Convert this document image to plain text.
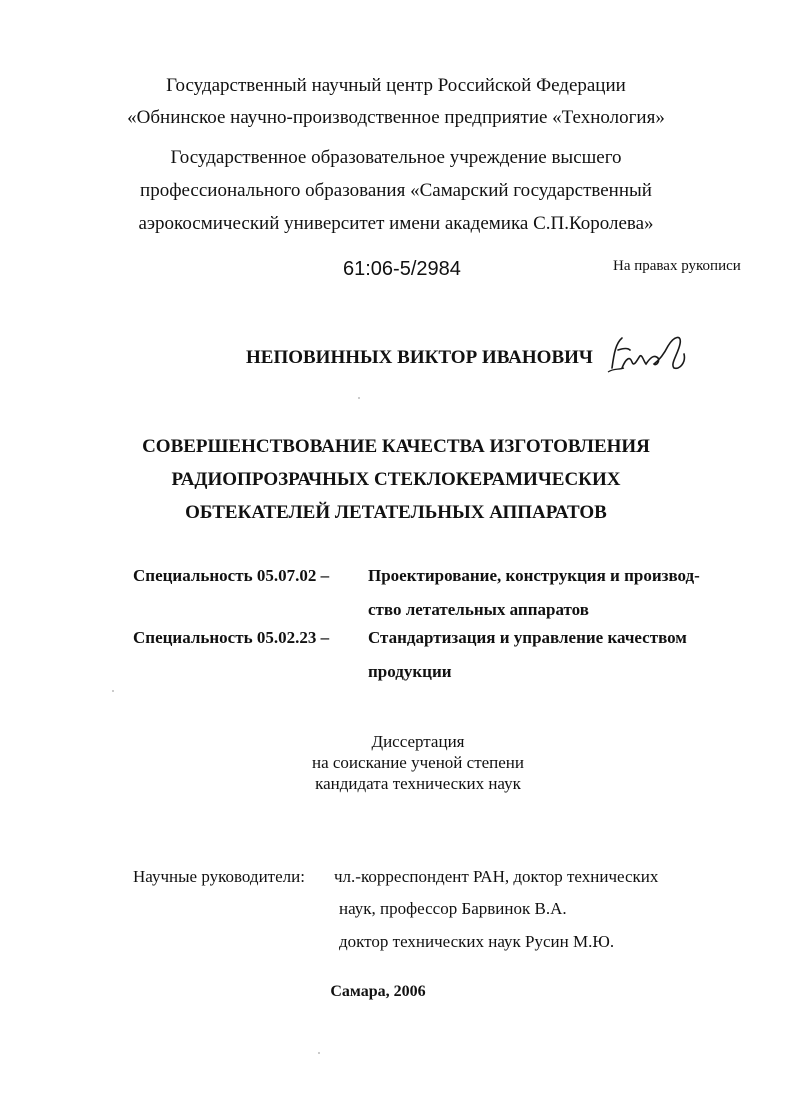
Государственный научный центр Российской Федерации
«Обнинское научно-производственное предприятие «Технология»
Государственное образовательное учреждение высшего
профессионального образования «Самарский государственный
аэрокосмический университет имени академика С.П.Королева»
61:06-5/2984	На правах рукописи
НЕПОВИННЫХ ВИКТОР ИВАНОВИЧ
СОВЕРШЕНСТВОВАНИЕ КАЧЕСТВА ИЗГОТОВЛЕНИЯ
РАДИОПРОЗРАЧНЫХ СТЕКЛОКЕРАМИЧЕСКИХ
ОБТЕКАТЕЛЕЙ ЛЕТАТЕЛЬНЫХ АППАРАТОВ
Специальность 05.07.02 – Проектирование, конструкция и производ-
ство летательных аппаратов
Специальность 05.02.23 – Стандартизация и управление качеством
продукции
Диссертация
на соискание ученой степени
кандидата технических наук
Научные руководители: чл.-корреспондент РАН, доктор технических
наук, профессор Барвинок В.А.
доктор технических наук Русин М.Ю.
Самара, 2006
